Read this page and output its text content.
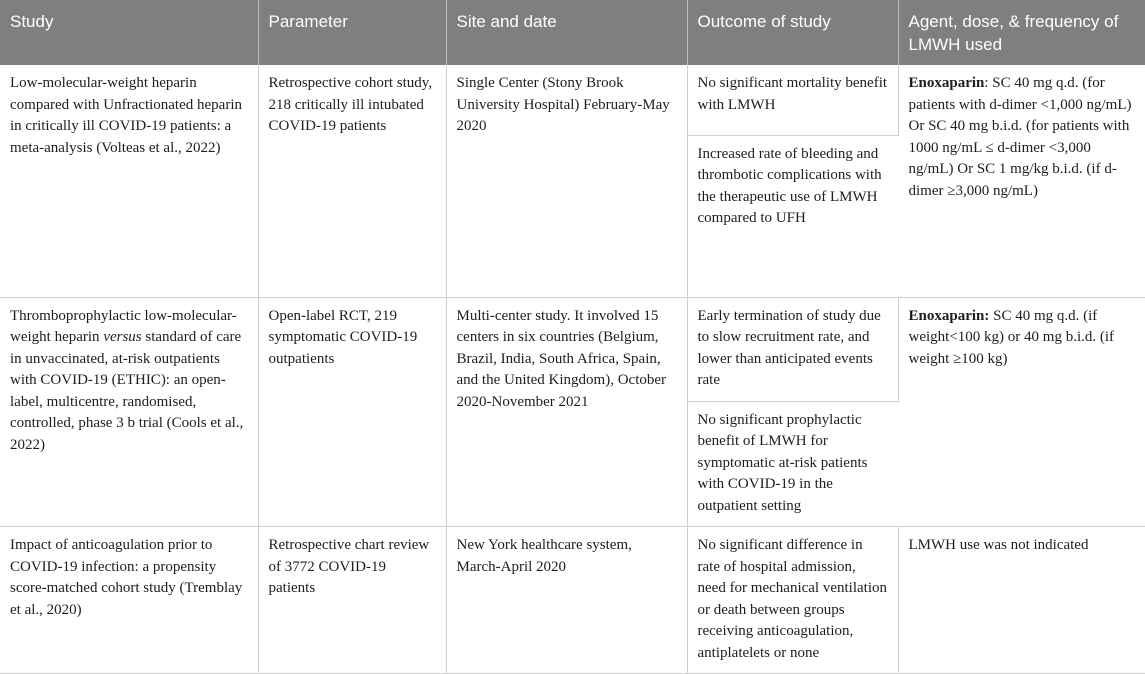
Study	Parameter	Site and date	Outcome of study	Agent, dose, & frequency of LMWH used
Low-molecular-weight heparin compared with Unfractionated heparin in critically ill COVID-19 patients: a meta-analysis (Volteas et al., 2022)	Retrospective cohort study, 218 critically ill intubated COVID-19 patients	Single Center (Stony Brook University Hospital) February-May 2020	No significant mortality benefit with LMWH	Enoxaparin: SC 40 mg q.d. (for patients with d-dimer <1,000 ng/mL) Or SC 40 mg b.i.d. (for patients with 1000 ng/mL ≤ d-dimer <3,000 ng/mL) Or SC 1 mg/kg b.i.d. (if d-dimer ≥3,000 ng/mL)
			Increased rate of bleeding and thrombotic complications with the therapeutic use of LMWH compared to UFH	
Thromboprophylactic low-molecular-weight heparin versus standard of care in unvaccinated, at-risk outpatients with COVID-19 (ETHIC): an open-label, multicentre, randomised, controlled, phase 3 b trial (Cools et al., 2022)	Open-label RCT, 219 symptomatic COVID-19 outpatients	Multi-center study. It involved 15 centers in six countries (Belgium, Brazil, India, South Africa, Spain, and the United Kingdom), October 2020-November 2021	Early termination of study due to slow recruitment rate, and lower than anticipated events rate	Enoxaparin: SC 40 mg q.d. (if weight<100 kg) or 40 mg b.i.d. (if weight ≥100 kg)
			No significant prophylactic benefit of LMWH for symptomatic at-risk patients with COVID-19 in the outpatient setting	
Impact of anticoagulation prior to COVID-19 infection: a propensity score-matched cohort study (Tremblay et al., 2020)	Retrospective chart review of 3772 COVID-19 patients	New York healthcare system, March-April 2020	No significant difference in rate of hospital admission, need for mechanical ventilation or death between groups receiving anticoagulation, antiplatelets or none	LMWH use was not indicated
